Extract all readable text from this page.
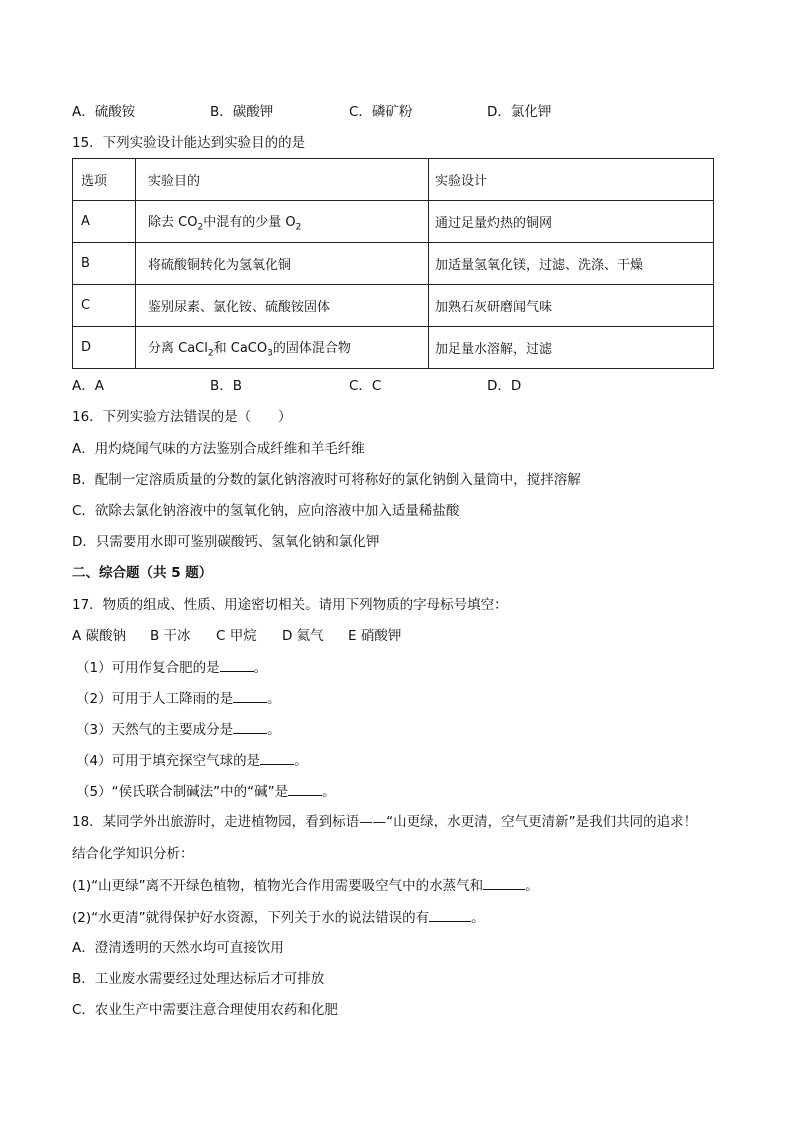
A．硫酸铵	B．碳酸钾	C．磷矿粉	D．氯化钾
15．下列实验设计能达到实验目的的是
选项	实验目的	实验设计
A	除去 $CO_2$中混有的少量 $O_2$	通过足量灼热的铜网
B	将硫酸铜转化为氢氧化铜	加适量氢氧化镁，过滤、洗涤、干燥
C	鉴别尿素、氯化铵、硫酸铵固体	加熟石灰研磨闻气味
D	分离 CaCl$_2$和 CaCO$_3$的固体混合物	加足量水溶解，过滤
A．A	B．B	C．C	D．D
16．下列实验方法错误的是（　　）
A．用灼烧闻气味的方法鉴别合成纤维和羊毛纤维
B．配制一定溶质质量的分数的氯化钠溶液时可将称好的氯化钠倒入量筒中，搅拌溶解
C．欲除去氯化钠溶液中的氢氧化钠，应向溶液中加入适量稀盐酸
D．只需要用水即可鉴别碳酸钙、氢氧化钠和氯化钾
二、综合题（共 5 题）
17．物质的组成、性质、用途密切相关。请用下列物质的字母标号填空：
A 碳酸钠 B 干冰 C 甲烷 D 氦气 E 硝酸钾
（1）可用作复合肥的是	。
（2）可用于人工降雨的是	。
（3）天然气的主要成分是	。
（4）可用于填充探空气球的是	。
（5）“侯氏联合制碱法”中的“碱”是	。
18．某同学外出旅游时，走进植物园，看到标语——“山更绿，水更清，空气更清新”是我们共同的追求！
结合化学知识分析：
(1)“山更绿”离不开绿色植物，植物光合作用需要吸空气中的水蒸气和	。
(2)“水更清”就得保护好水资源，下列关于水的说法错误的有	。
A．澄清透明的天然水均可直接饮用
B．工业废水需要经过处理达标后才可排放
C．农业生产中需要注意合理使用农药和化肥
